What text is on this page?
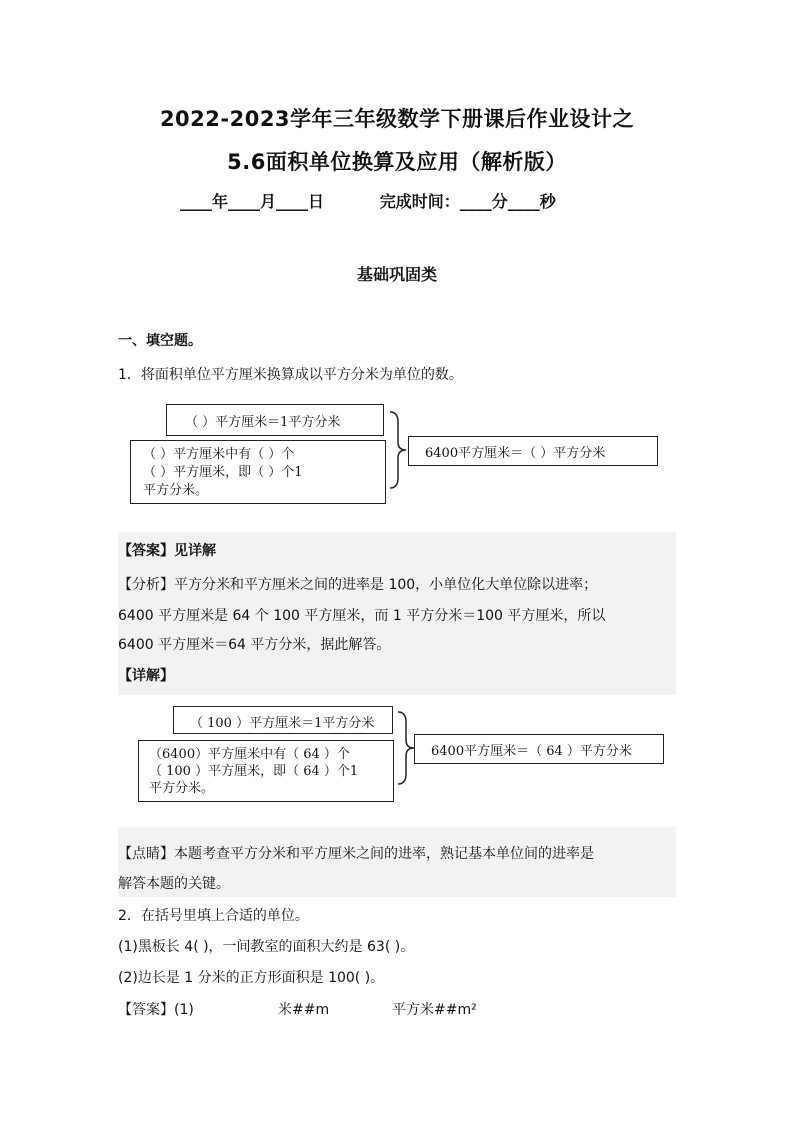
2022-2023学年三年级数学下册课后作业设计之
5.6面积单位换算及应用（解析版）
____年____月____日          完成时间：____分____秒
基础巩固类
一、填空题。
1．将面积单位平方厘米换算成以平方分米为单位的数。
（ ）平方厘米＝1平方分米
（ ）平方厘米中有（ ）个
（ ）平方厘米，即（ ）个1
平方分米。
6400平方厘米＝（ ）平方分米
【答案】见详解
【分析】平方分米和平方厘米之间的进率是 100，小单位化大单位除以进率；
6400 平方厘米是 64 个 100 平方厘米，而 1 平方分米＝100 平方厘米，所以
6400 平方厘米＝64 平方分米，据此解答。
【详解】
（ 100 ）平方厘米＝1平方分米
（6400）平方厘米中有（ 64 ）个
（ 100 ）平方厘米，即（ 64 ）个1
平方分米。
6400平方厘米＝（ 64 ）平方分米
【点睛】本题考查平方分米和平方厘米之间的进率，熟记基本单位间的进率是
解答本题的关键。
2．在括号里填上合适的单位。
(1)黑板长 4( )，一间教室的面积大约是 63( )。
(2)边长是 1 分米的正方形面积是 100( )。
【答案】(1)	米##m	平方米##m²
